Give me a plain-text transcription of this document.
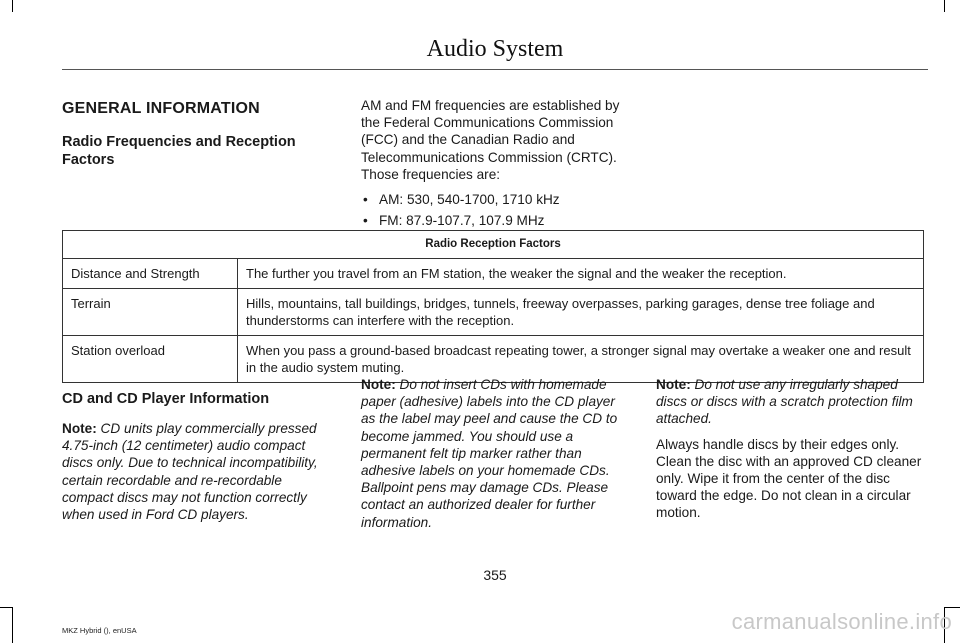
Audio System
GENERAL INFORMATION
Radio Frequencies and Reception Factors

AM and FM frequencies are established by the Federal Communications Commission (FCC) and the Canadian Radio and Telecommunications Commission (CRTC). Those frequencies are:

• AM: 530, 540-1700, 1710 kHz
• FM: 87.9-107.7, 107.9 MHz
Radio Reception Factors	
Distance and Strength	The further you travel from an FM station, the weaker the signal and the weaker the reception.
Terrain	Hills, mountains, tall buildings, bridges, tunnels, freeway overpasses, parking garages, dense tree foliage and thunderstorms can interfere with the reception.
Station overload	When you pass a ground-based broadcast repeating tower, a stronger signal may overtake a weaker one and result in the audio system muting.
CD and CD Player Information

Note: CD units play commercially pressed 4.75-inch (12 centimeter) audio compact discs only. Due to technical incompatibility, certain recordable and re-recordable compact discs may not function correctly when used in Ford CD players.

Note: Do not insert CDs with homemade paper (adhesive) labels into the CD player as the label may peel and cause the CD to become jammed. You should use a permanent felt tip marker rather than adhesive labels on your homemade CDs. Ballpoint pens may damage CDs. Please contact an authorized dealer for further information.

Note: Do not use any irregularly shaped discs or discs with a scratch protection film attached.

Always handle discs by their edges only. Clean the disc with an approved CD cleaner only. Wipe it from the center of the disc toward the edge. Do not clean in a circular motion.

355
MKZ Hybrid (), enUSA	carmanualsonline.info
